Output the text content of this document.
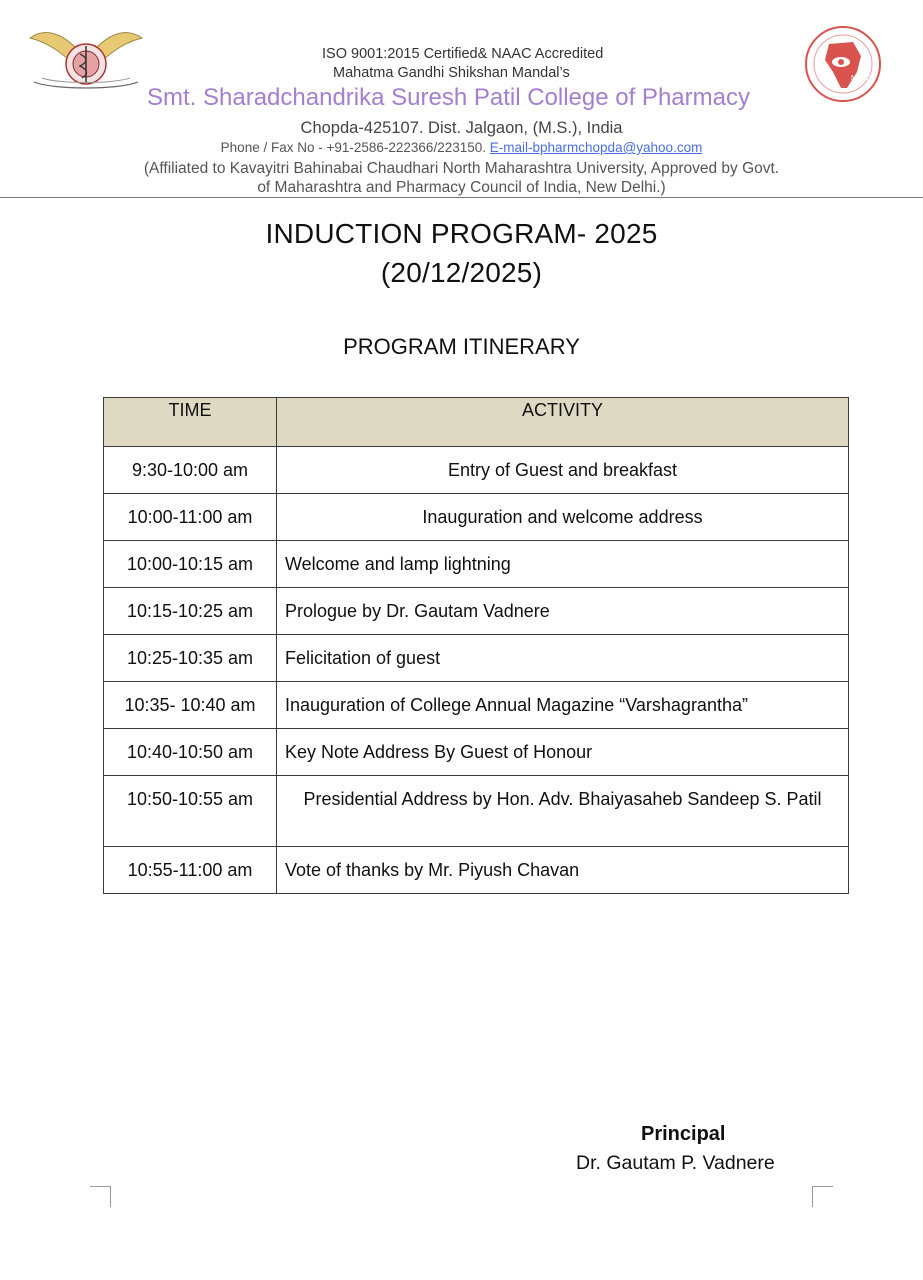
NAAC
ISO 9001:2015 Certified& NAAC Accredited
Mahatma Gandhi Shikshan Mandal’s
Smt. Sharadchandrika Suresh Patil College of Pharmacy
Chopda-425107. Dist. Jalgaon, (M.S.), India
Phone / Fax No - +91-2586-222366/223150. E-mail-bpharmchopda@yahoo.com
(Affiliated to Kavayitri Bahinabai Chaudhari North Maharashtra University, Approved by Govt.
of Maharashtra and Pharmacy Council of India, New Delhi.)
INDUCTION PROGRAM- 2025
(20/12/2025)
PROGRAM ITINERARY
TIME	ACTIVITY

9:30-10:00 am	Entry of Guest and breakfast

10:00-11:00 am	Inauguration and welcome address

10:00-10:15 am	Welcome and lamp lightning

10:15-10:25 am	Prologue by Dr. Gautam Vadnere

10:25-10:35 am	Felicitation of guest

10:35- 10:40 am	Inauguration of College Annual Magazine “Varshagrantha”

10:40-10:50 am	Key Note Address By Guest of Honour

10:50-10:55 am	Presidential Address by Hon. Adv. Bhaiyasaheb Sandeep S. Patil

10:55-11:00 am	Vote of thanks by Mr. Piyush Chavan
Principal
Dr. Gautam P. Vadnere
